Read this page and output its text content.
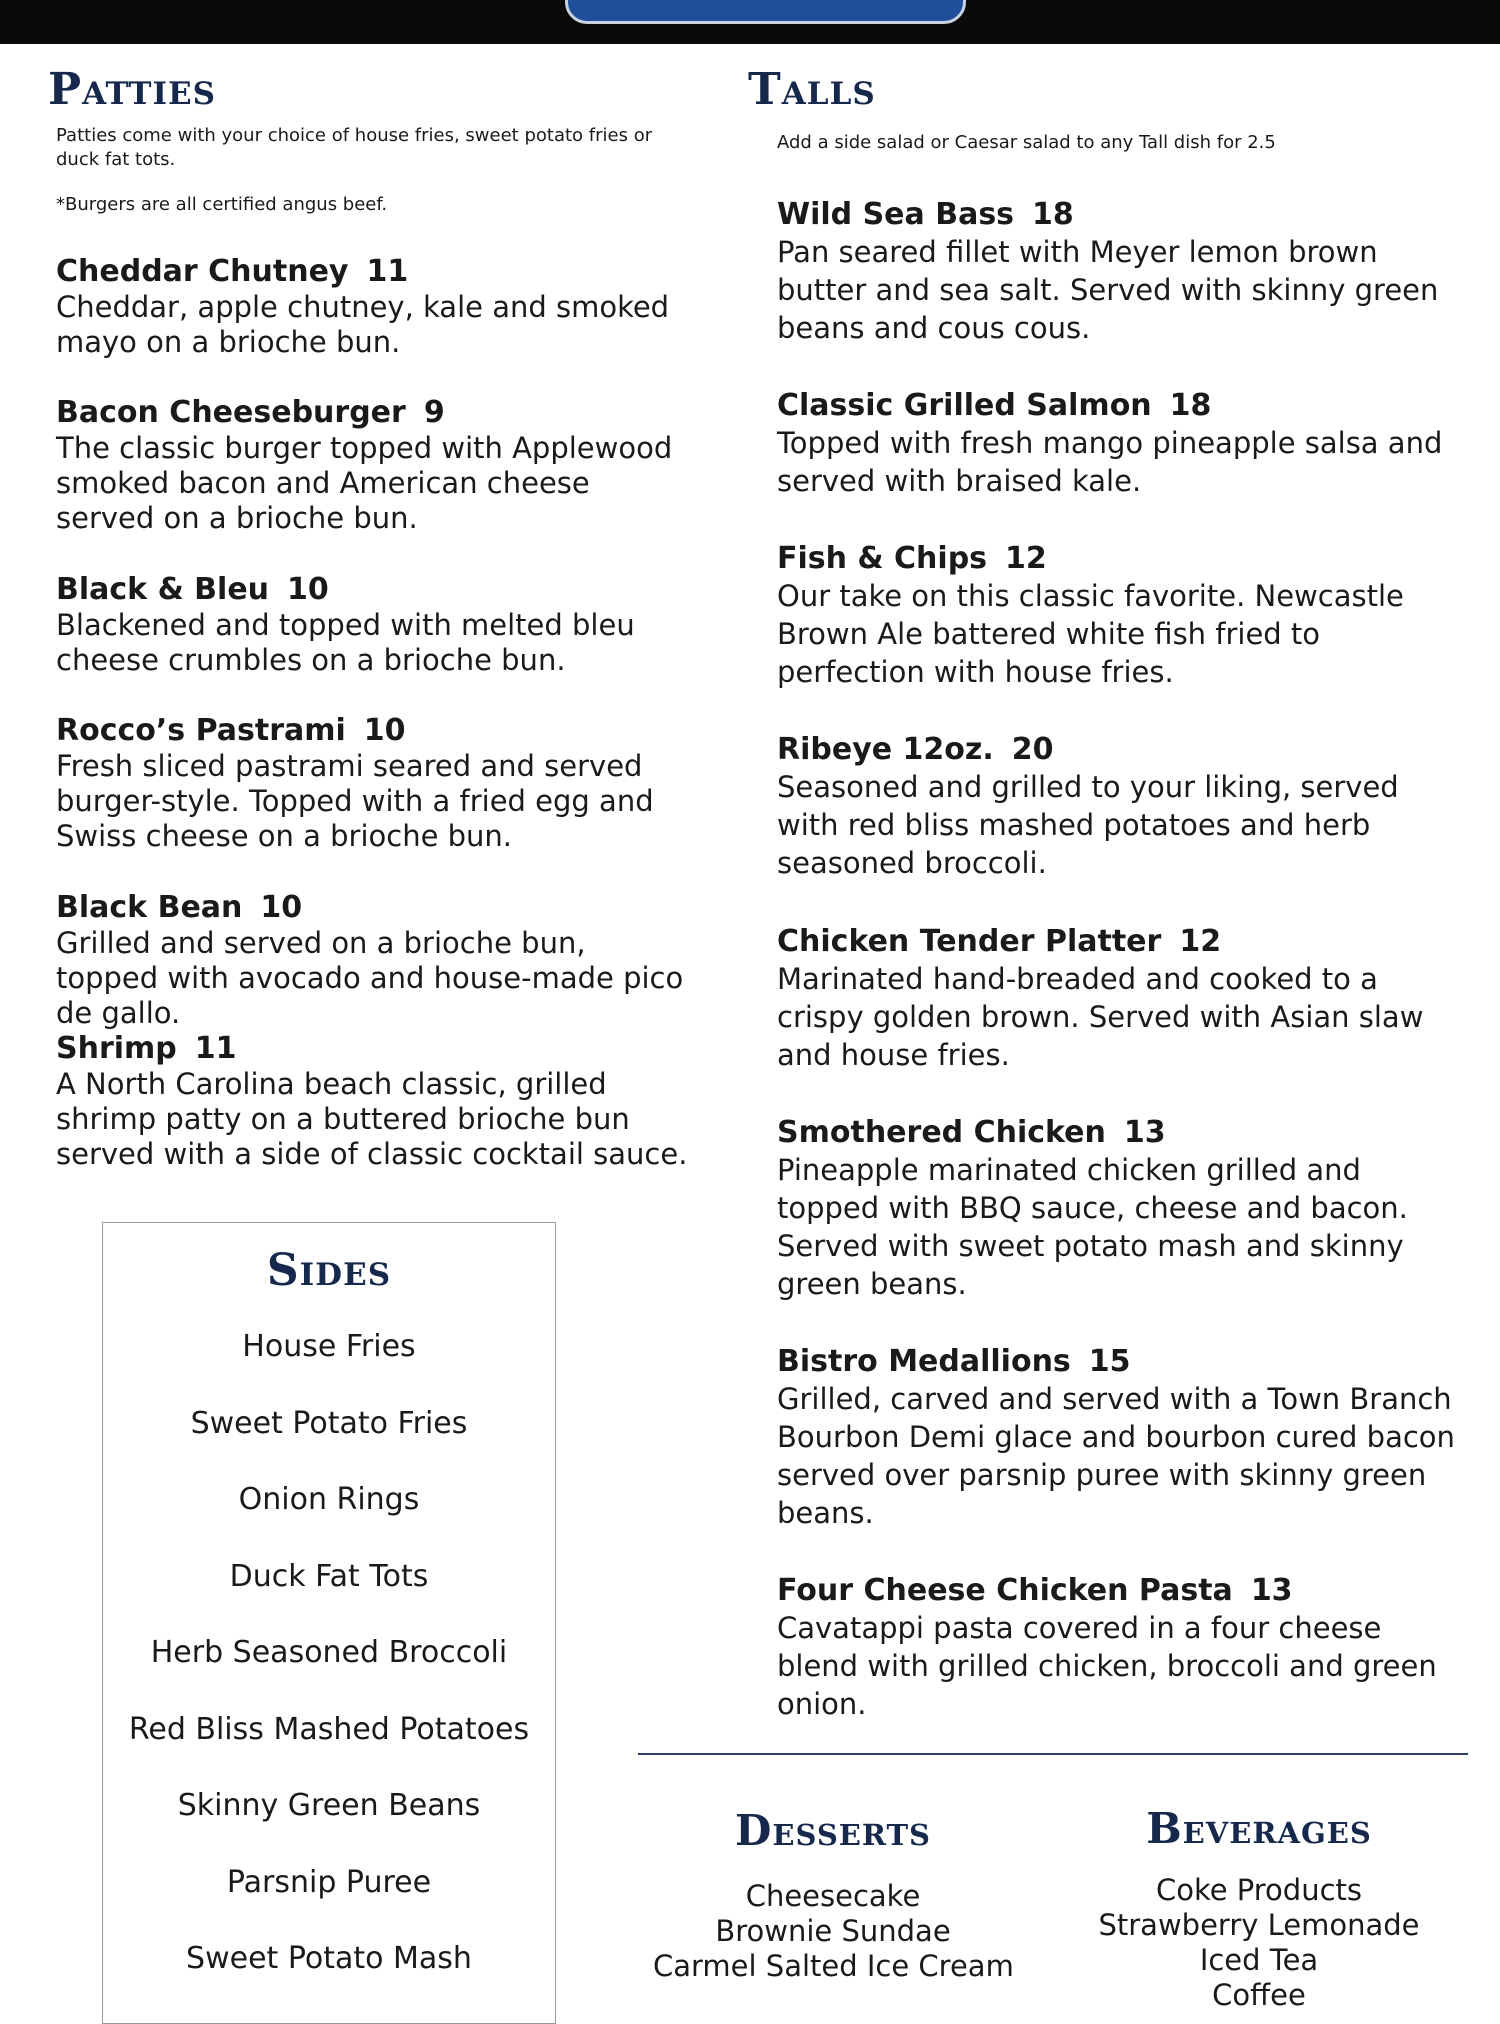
Patties

Patties come with your choice of house fries, sweet potato fries or duck fat tots.

*Burgers are all certified angus beef.

Cheddar Chutney 11
Cheddar, apple chutney, kale and smoked mayo on a brioche bun.
Bacon Cheeseburger 9
The classic burger topped with Applewood smoked bacon and American cheese served on a brioche bun.
Black & Bleu 10
Blackened and topped with melted bleu cheese crumbles on a brioche bun.
Rocco’s Pastrami 10
Fresh sliced pastrami seared and served burger-style. Topped with a fried egg and Swiss cheese on a brioche bun.
Black Bean 10
Grilled and served on a brioche bun, topped with avocado and house-made pico de gallo.
Shrimp 11
A North Carolina beach classic, grilled shrimp patty on a buttered brioche bun served with a side of classic cocktail sauce.
Sides
House Fries
Sweet Potato Fries
Onion Rings
Duck Fat Tots
Herb Seasoned Broccoli
Red Bliss Mashed Potatoes
Skinny Green Beans
Parsnip Puree
Sweet Potato Mash
Talls

Add a side salad or Caesar salad to any Tall dish for 2.5

Wild Sea Bass 18
Pan seared fillet with Meyer lemon brown butter and sea salt. Served with skinny green beans and cous cous.
Classic Grilled Salmon 18
Topped with fresh mango pineapple salsa and served with braised kale.
Fish & Chips 12
Our take on this classic favorite. Newcastle Brown Ale battered white fish fried to perfection with house fries.
Ribeye 12oz. 20
Seasoned and grilled to your liking, served with red bliss mashed potatoes and herb seasoned broccoli.
Chicken Tender Platter 12
Marinated hand-breaded and cooked to a crispy golden brown. Served with Asian slaw and house fries.
Smothered Chicken 13
Pineapple marinated chicken grilled and topped with BBQ sauce, cheese and bacon. Served with sweet potato mash and skinny green beans.
Bistro Medallions 15
Grilled, carved and served with a Town Branch Bourbon Demi glace and bourbon cured bacon served over parsnip puree with skinny green beans.
Four Cheese Chicken Pasta 13
Cavatappi pasta covered in a four cheese blend with grilled chicken, broccoli and green onion.
Desserts
Cheesecake
Brownie Sundae
Carmel Salted Ice Cream
Beverages
Coke Products
Strawberry Lemonade
Iced Tea
Coffee
